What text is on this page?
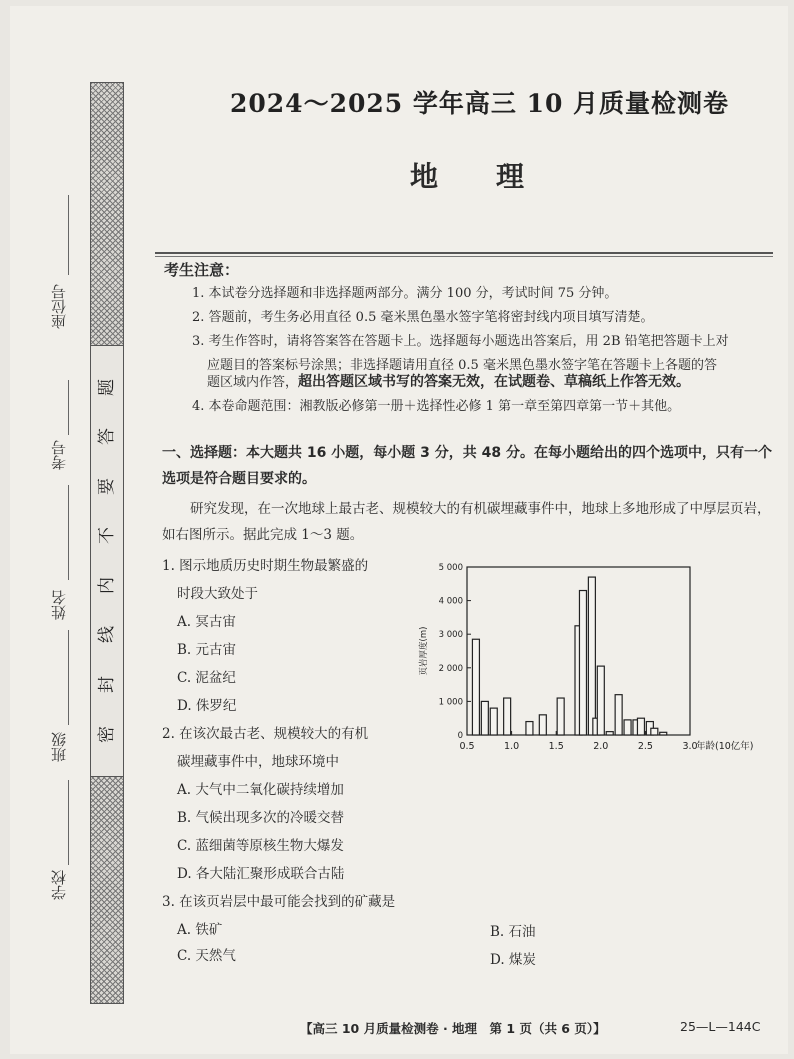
座位号
考号
姓名
班级
学校
题
答
要
不
内
线
封
密
2024～2025 学年高三 10 月质量检测卷
地理
考生注意：
1. 本试卷分选择题和非选择题两部分。满分 100 分，考试时间 75 分钟。
2. 答题前，考生务必用直径 0.5 毫米黑色墨水签字笔将密封线内项目填写清楚。
3. 考生作答时，请将答案答在答题卡上。选择题每小题选出答案后，用 2B 铅笔把答题卡上对
应题目的答案标号涂黑；非选择题请用直径 0.5 毫米黑色墨水签字笔在答题卡上各题的答
题区域内作答，超出答题区域书写的答案无效，在试题卷、草稿纸上作答无效。
4. 本卷命题范围：湘教版必修第一册＋选择性必修 1 第一章至第四章第一节＋其他。
一、选择题：本大题共 16 小题，每小题 3 分，共 48 分。在每小题给出的四个选项中，只有一个选项是符合题目要求的。
研究发现，在一次地球上最古老、规模较大的有机碳埋藏事件中，地球上多地形成了中厚层页岩，如右图所示。据此完成 1～3 题。
1. 图示地质历史时期生物最繁盛的
时段大致处于
A. 冥古宙
B. 元古宙
C. 泥盆纪
D. 侏罗纪
2. 在该次最古老、规模较大的有机
碳埋藏事件中，地球环境中
A. 大气中二氧化碳持续增加
B. 气候出现多次的冷暖交替
C. 蓝细菌等原核生物大爆发
D. 各大陆汇聚形成联合古陆
3. 在该页岩层中最可能会找到的矿藏是
A. 铁矿	B. 石油
C. 天然气	D. 煤炭
0
1 000
2 000
3 000
4 000
5 000
0.5	1.0	1.5	2.0	2.5	3.0
页岩厚度(m)
年龄(10亿年)
【高三 10 月质量检测卷 · 地理　第 1 页（共 6 页）】	25—L—144C
